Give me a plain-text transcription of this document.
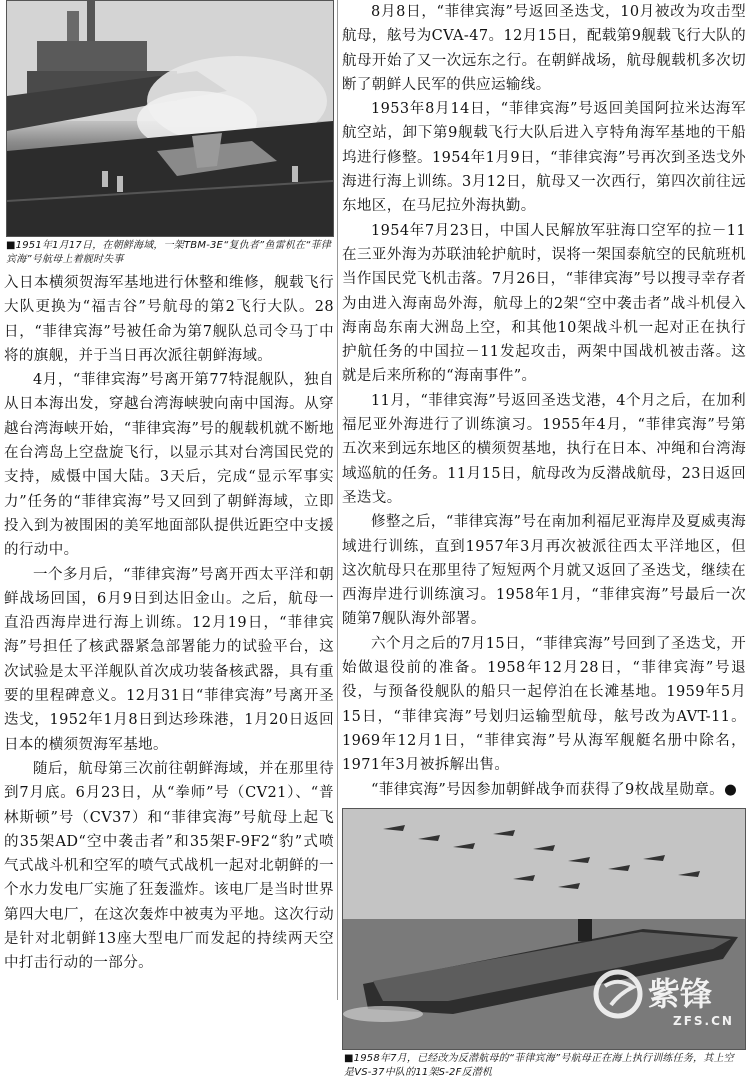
■1951年1月17日，在朝鲜海域，一架TBM-3E“复仇者”鱼雷机在“菲律宾海”号航母上着舰时失事

入日本横须贺海军基地进行休整和维修，舰载飞行大队更换为“福吉谷”号航母的第2飞行大队。28日，“菲律宾海”号被任命为第7舰队总司令马丁中将的旗舰，并于当日再次派往朝鲜海域。

4月，“菲律宾海”号离开第77特混舰队，独自从日本海出发，穿越台湾海峡驶向南中国海。从穿越台湾海峡开始，“菲律宾海”号的舰载机就不断地在台湾岛上空盘旋飞行，以显示其对台湾国民党的支持，威慑中国大陆。3天后，完成“显示军事实力”任务的“菲律宾海”号又回到了朝鲜海域，立即投入到为被围困的美军地面部队提供近距空中支援的行动中。

一个多月后，“菲律宾海”号离开西太平洋和朝鲜战场回国，6月9日到达旧金山。之后，航母一直沿西海岸进行海上训练。12月19日，“菲律宾海”号担任了核武器紧急部署能力的试验平台，这次试验是太平洋舰队首次成功装备核武器，具有重要的里程碑意义。12月31日“菲律宾海”号离开圣迭戈，1952年1月8日到达珍珠港，1月20日返回日本的横须贺海军基地。

随后，航母第三次前往朝鲜海域，并在那里待到7月底。6月23日，从“拳师”号（CV21）、“普林斯顿”号（CV37）和“菲律宾海”号航母上起飞的35架AD“空中袭击者”和35架F-9F2“豹”式喷气式战斗机和空军的喷气式战机一起对北朝鲜的一个水力发电厂实施了狂轰滥炸。该电厂是当时世界第四大电厂，在这次轰炸中被夷为平地。这次行动是针对北朝鲜13座大型电厂而发起的持续两天空中打击行动的一部分。

8月8日，“菲律宾海”号返回圣迭戈，10月被改为攻击型航母，舷号为CVA-47。12月15日，配载第9舰载飞行大队的航母开始了又一次远东之行。在朝鲜战场，航母舰载机多次切断了朝鲜人民军的供应运输线。

1953年8月14日，“菲律宾海”号返回美国阿拉米达海军航空站，卸下第9舰载飞行大队后进入亨特角海军基地的干船坞进行修整。1954年1月9日，“菲律宾海”号再次到圣迭戈外海进行海上训练。3月12日，航母又一次西行，第四次前往远东地区，在马尼拉外海执勤。

1954年7月23日，中国人民解放军驻海口空军的拉－11在三亚外海为苏联油轮护航时，误将一架国泰航空的民航班机当作国民党飞机击落。7月26日，“菲律宾海”号以搜寻幸存者为由进入海南岛外海，航母上的2架“空中袭击者”战斗机侵入海南岛东南大洲岛上空，和其他10架战斗机一起对正在执行护航任务的中国拉－11发起攻击，两架中国战机被击落。这就是后来所称的“海南事件”。

11月，“菲律宾海”号返回圣迭戈港，4个月之后，在加利福尼亚外海进行了训练演习。1955年4月，“菲律宾海”号第五次来到远东地区的横须贺基地，执行在日本、冲绳和台湾海域巡航的任务。11月15日，航母改为反潜战航母，23日返回圣迭戈。

修整之后，“菲律宾海”号在南加利福尼亚海岸及夏威夷海域进行训练，直到1957年3月再次被派往西太平洋地区，但这次航母只在那里待了短短两个月就又返回了圣迭戈，继续在西海岸进行训练演习。1958年1月，“菲律宾海”号最后一次随第7舰队海外部署。

六个月之后的7月15日，“菲律宾海”号回到了圣迭戈，开始做退役前的准备。1958年12月28日，“菲律宾海”号退役，与预备役舰队的船只一起停泊在长滩基地。1959年5月15日，“菲律宾海”号划归运输型航母，舷号改为AVT-11。1969年12月1日，“菲律宾海”号从海军舰艇名册中除名，1971年3月被拆解出售。

“菲律宾海”号因参加朝鲜战争而获得了9枚战星勋章。●

紫锋
ZFS.CN
■1958年7月，已经改为反潜航母的“菲律宾海”号航母正在海上执行训练任务，其上空是VS-37中队的11架S-2F反潜机
